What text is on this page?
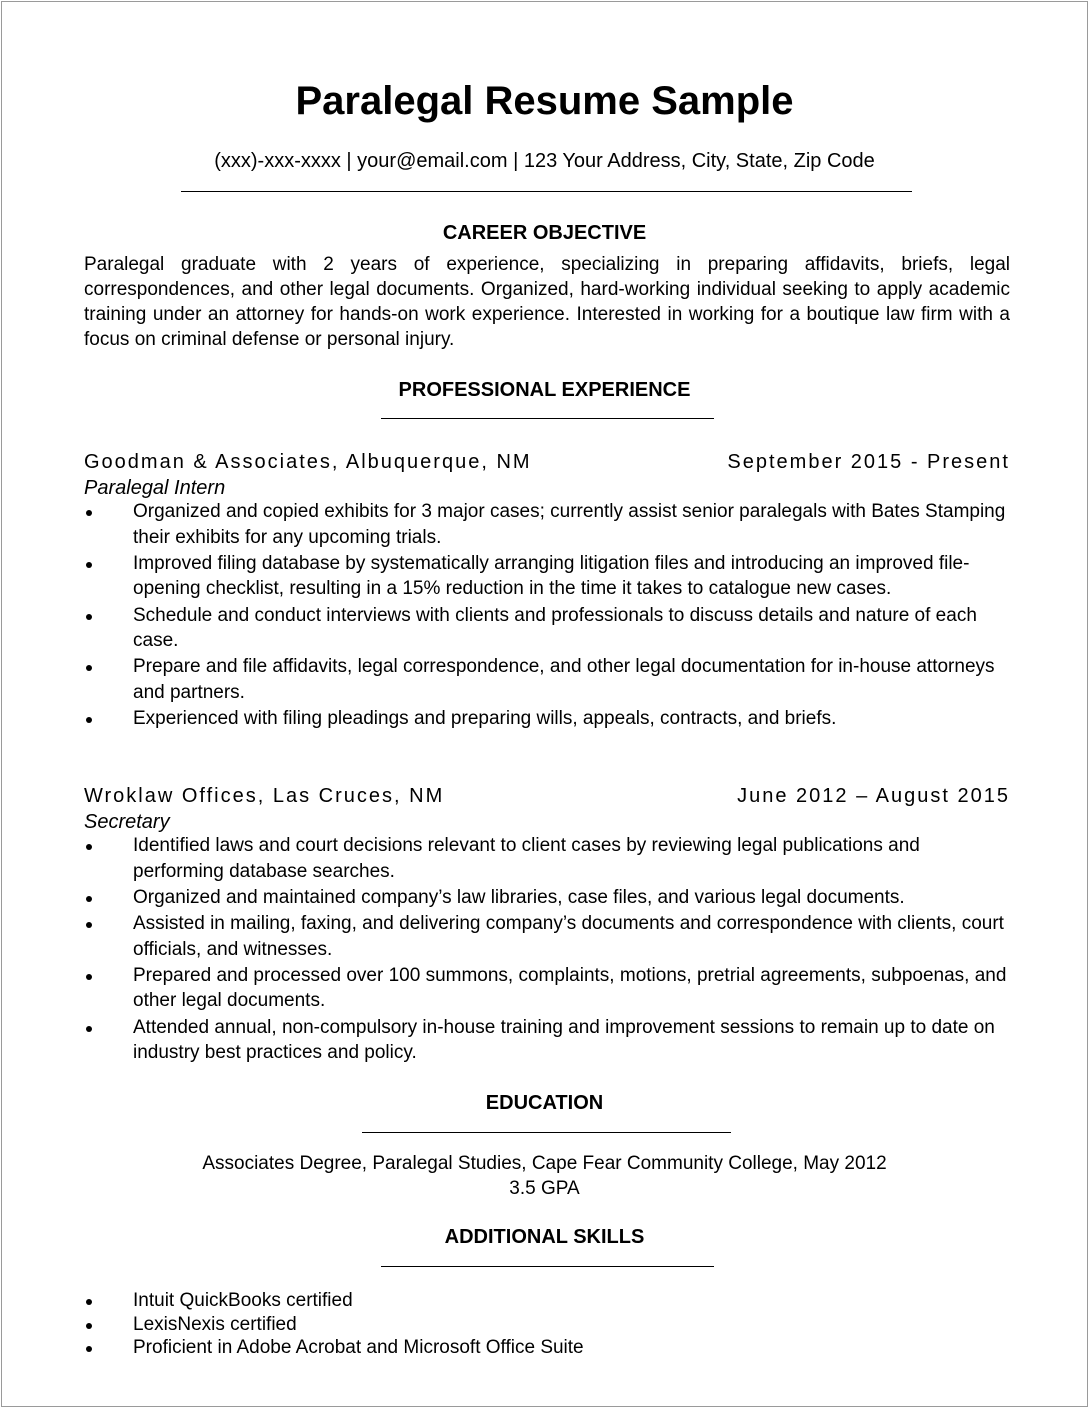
Paralegal Resume Sample
(xxx)-xxx-xxxx | your@email.com | 123 Your Address, City, State, Zip Code
CAREER OBJECTIVE
Paralegal graduate with 2 years of experience, specializing in preparing affidavits, briefs, legal correspondences, and other legal documents. Organized, hard-working individual seeking to apply academic training under an attorney for hands-on work experience. Interested in working for a boutique law firm with a focus on criminal defense or personal injury.
PROFESSIONAL EXPERIENCE
Goodman & Associates, Albuquerque, NM	September 2015 - Present
Paralegal Intern
Organized and copied exhibits for 3 major cases; currently assist senior paralegals with Bates Stamping their exhibits for any upcoming trials.
Improved filing database by systematically arranging litigation files and introducing an improved file-opening checklist, resulting in a 15% reduction in the time it takes to catalogue new cases.
Schedule and conduct interviews with clients and professionals to discuss details and nature of each case.
Prepare and file affidavits, legal correspondence, and other legal documentation for in-house attorneys and partners.
Experienced with filing pleadings and preparing wills, appeals, contracts, and briefs.
Wroklaw Offices, Las Cruces, NM	June 2012 – August 2015
Secretary
Identified laws and court decisions relevant to client cases by reviewing legal publications and performing database searches.
Organized and maintained company’s law libraries, case files, and various legal documents.
Assisted in mailing, faxing, and delivering company’s documents and correspondence with clients, court officials, and witnesses.
Prepared and processed over 100 summons, complaints, motions, pretrial agreements, subpoenas, and other legal documents.
Attended annual, non-compulsory in-house training and improvement sessions to remain up to date on industry best practices and policy.
EDUCATION
Associates Degree, Paralegal Studies, Cape Fear Community College, May 2012
3.5 GPA
ADDITIONAL SKILLS
Intuit QuickBooks certified
LexisNexis certified
Proficient in Adobe Acrobat and Microsoft Office Suite
